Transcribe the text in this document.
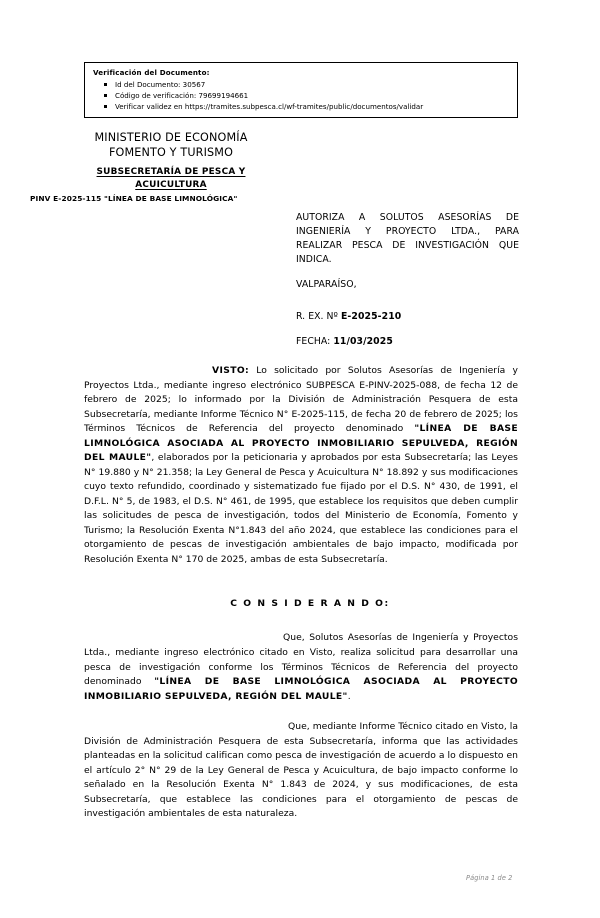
Verificación del Documento:
Id del Documento: 30567
Código de verificación: 79699194661
Verificar validez en https://tramites.subpesca.cl/wf-tramites/public/documentos/validar
MINISTERIO DE ECONOMÍA
FOMENTO Y TURISMO
SUBSECRETARÍA DE PESCA Y
ACUICULTURA
PINV E-2025-115 "LÍNEA DE BASE LIMNOLÓGICA"
AUTORIZA A SOLUTOS ASESORÍAS DE INGENIERÍA Y PROYECTO LTDA., PARA REALIZAR PESCA DE INVESTIGACIÓN QUE INDICA.
VALPARAÍSO,
R. EX. Nº E-2025-210
FECHA: 11/03/2025

VISTO: Lo solicitado por Solutos Asesorías de Ingeniería y Proyectos Ltda., mediante ingreso electrónico SUBPESCA E-PINV-2025-088, de fecha 12 de febrero de 2025; lo informado por la División de Administración Pesquera de esta Subsecretaría, mediante Informe Técnico N° E-2025-115, de fecha 20 de febrero de 2025; los Términos Técnicos de Referencia del proyecto denominado "LÍNEA DE BASE LIMNOLÓGICA ASOCIADA AL PROYECTO INMOBILIARIO SEPULVEDA, REGIÓN DEL MAULE", elaborados por la peticionaria y aprobados por esta Subsecretaría; las Leyes N° 19.880 y N° 21.358; la Ley General de Pesca y Acuicultura N° 18.892 y sus modificaciones cuyo texto refundido, coordinado y sistematizado fue fijado por el D.S. N° 430, de 1991, el D.F.L. N° 5, de 1983, el D.S. N° 461, de 1995, que establece los requisitos que deben cumplir las solicitudes de pesca de investigación, todos del Ministerio de Economía, Fomento y Turismo; la Resolución Exenta N°1.843 del año 2024, que establece las condiciones para el otorgamiento de pescas de investigación ambientales de bajo impacto, modificada por Resolución Exenta N° 170 de 2025, ambas de esta Subsecretaría.

C O N S I D E R A N D O:

Que, Solutos Asesorías de Ingeniería y Proyectos Ltda., mediante ingreso electrónico citado en Visto, realiza solicitud para desarrollar una pesca de investigación conforme los Términos Técnicos de Referencia del proyecto denominado "LÍNEA DE BASE LIMNOLÓGICA ASOCIADA AL PROYECTO INMOBILIARIO SEPULVEDA, REGIÓN DEL MAULE".

Que, mediante Informe Técnico citado en Visto, la División de Administración Pesquera de esta Subsecretaría, informa que las actividades planteadas en la solicitud califican como pesca de investigación de acuerdo a lo dispuesto en el artículo 2° N° 29 de la Ley General de Pesca y Acuicultura, de bajo impacto conforme lo señalado en la Resolución Exenta N° 1.843 de 2024, y sus modificaciones, de esta Subsecretaría, que establece las condiciones para el otorgamiento de pescas de investigación ambientales de esta naturaleza.

Página 1 de 2
